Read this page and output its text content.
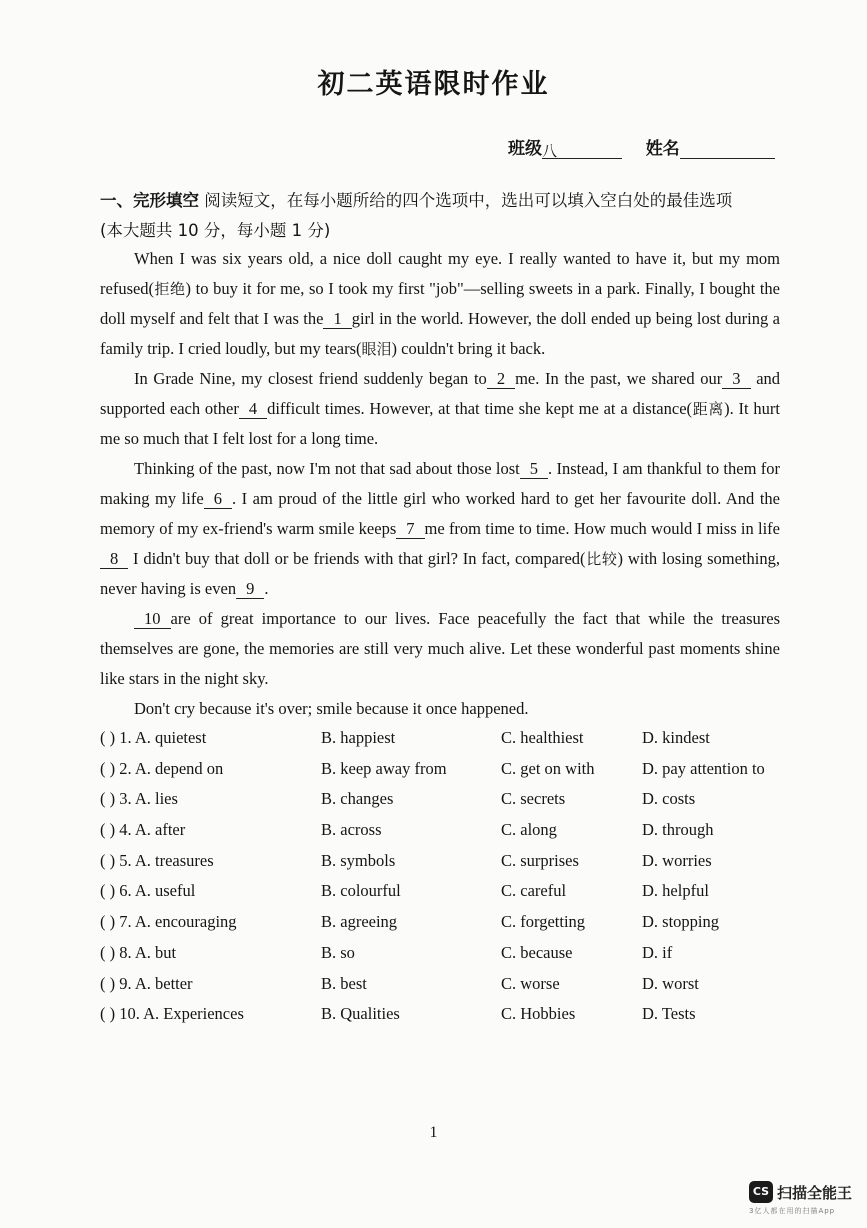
初二英语限时作业
班级八	姓名
一、完形填空 阅读短文，在每小题所给的四个选项中，选出可以填入空白处的最佳选项
(本大题共 10 分，每小题 1 分)

When I was six years old, a nice doll caught my eye. I really wanted to have it, but my mom refused(拒绝) to buy it for me, so I took my first "job"—selling sweets in a park. Finally, I bought the doll myself and felt that I was the 1 girl in the world. However, the doll ended up being lost during a family trip. I cried loudly, but my tears(眼泪) couldn't bring it back.

In Grade Nine, my closest friend suddenly began to 2 me. In the past, we shared our 3 and supported each other 4 difficult times. However, at that time she kept me at a distance(距离). It hurt me so much that I felt lost for a long time.

Thinking of the past, now I'm not that sad about those lost 5 . Instead, I am thankful to them for making my life 6 . I am proud of the little girl who worked hard to get her favourite doll. And the memory of my ex-friend's warm smile keeps 7 me from time to time. How much would I miss in life8 I didn't buy that doll or be friends with that girl? In fact, compared(比较) with losing something, never having is even 9 .

10 are of great importance to our lives. Face peacefully the fact that while the treasures themselves are gone, the memories are still very much alive. Let these wonderful past moments shine like stars in the night sky.

Don't cry because it's over; smile because it once happened.

( ) 1. A. quietest	B. happiest	C. healthiest	D. kindest
( ) 2. A. depend on	B. keep away from	C. get on with	D. pay attention to
( ) 3. A. lies	B. changes	C. secrets	D. costs
( ) 4. A. after	B. across	C. along	D. through
( ) 5. A. treasures	B. symbols	C. surprises	D. worries
( ) 6. A. useful	B. colourful	C. careful	D. helpful
( ) 7. A. encouraging	B. agreeing	C. forgetting	D. stopping
( ) 8. A. but	B. so	C. because	D. if
( ) 9. A. better	B. best	C. worse	D. worst
( ) 10. A. Experiences	B. Qualities	C. Hobbies	D. Tests
1
CS 扫描全能王
3亿人都在用的扫描App
